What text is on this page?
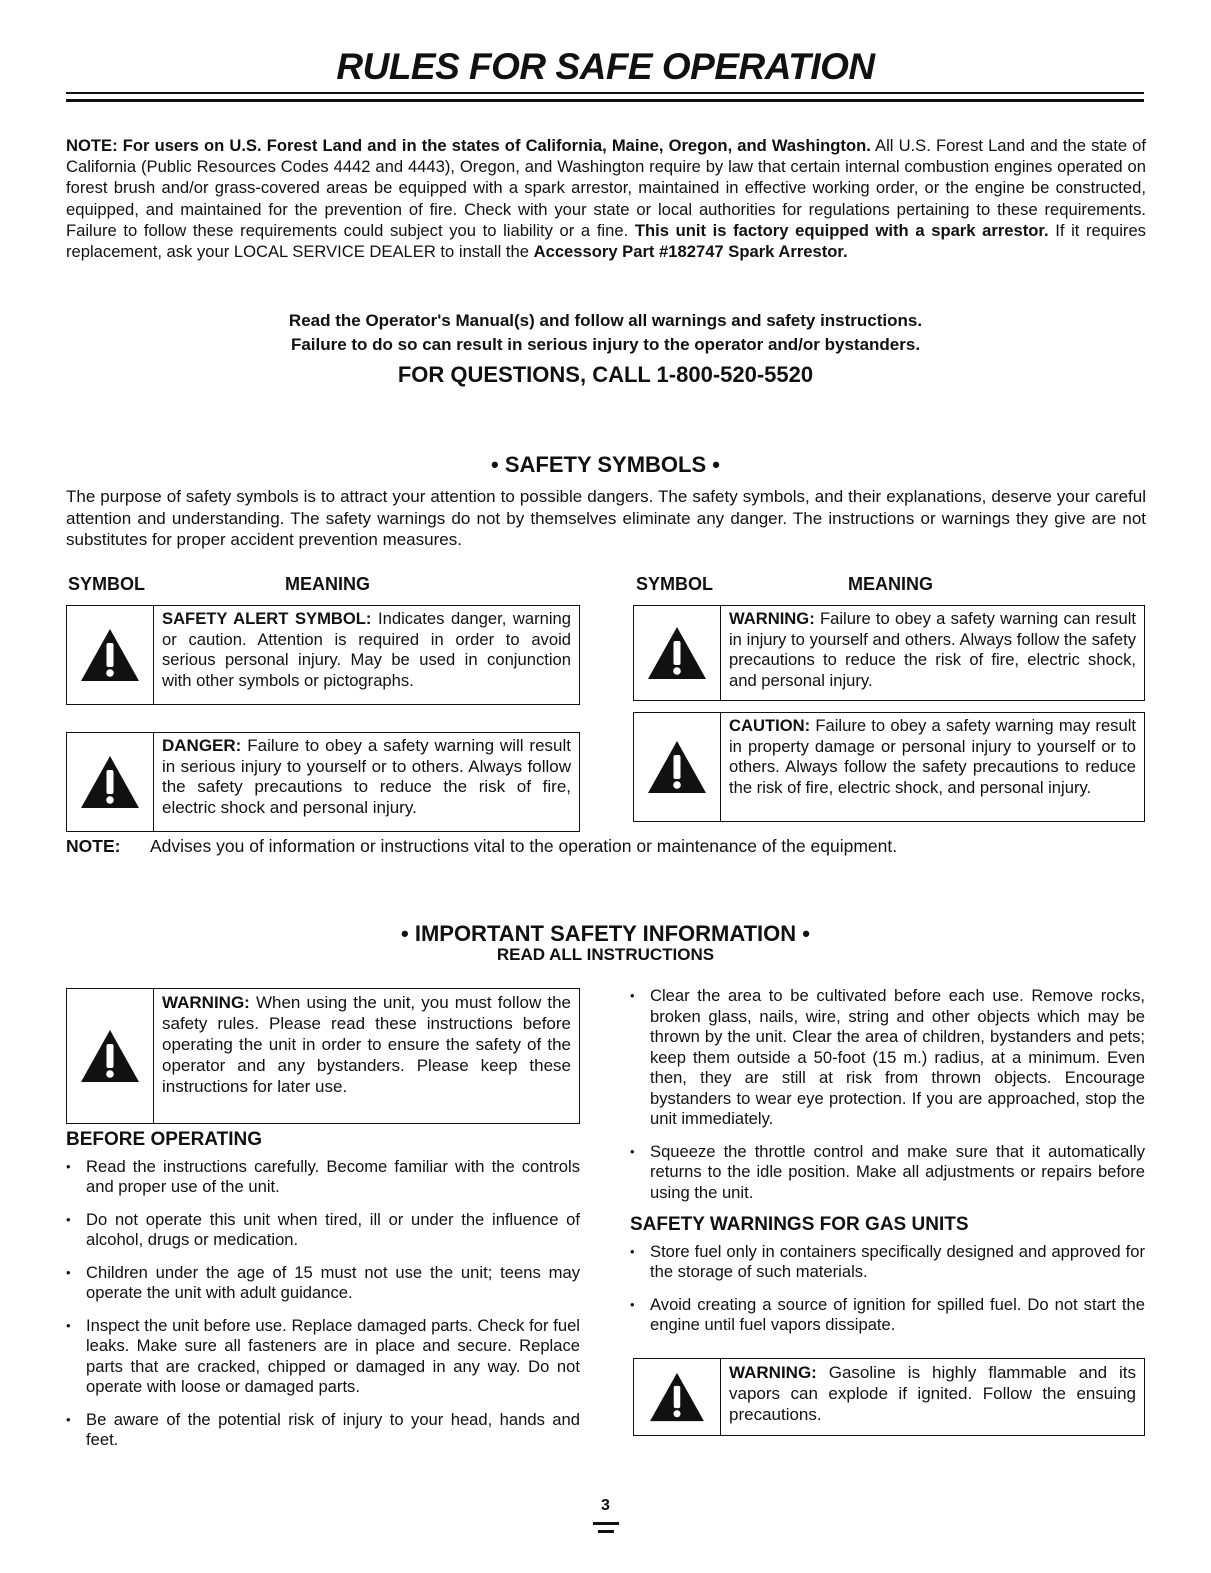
RULES FOR SAFE OPERATION
NOTE: For users on U.S. Forest Land and in the states of California, Maine, Oregon, and Washington. All U.S. Forest Land and the state of California (Public Resources Codes 4442 and 4443), Oregon, and Washington require by law that certain internal combustion engines operated on forest brush and/or grass-covered areas be equipped with a spark arrestor, maintained in effective working order, or the engine be constructed, equipped, and maintained for the prevention of fire. Check with your state or local authorities for regulations pertaining to these requirements. Failure to follow these requirements could subject you to liability or a fine. This unit is factory equipped with a spark arrestor. If it requires replacement, ask your LOCAL SERVICE DEALER to install the Accessory Part #182747 Spark Arrestor.
Read the Operator's Manual(s) and follow all warnings and safety instructions.
Failure to do so can result in serious injury to the operator and/or bystanders.
FOR QUESTIONS, CALL 1-800-520-5520
• SAFETY SYMBOLS •
The purpose of safety symbols is to attract your attention to possible dangers. The safety symbols, and their explanations, deserve your careful attention and understanding. The safety warnings do not by themselves eliminate any danger. The instructions or warnings they give are not substitutes for proper accident prevention measures.
SYMBOL	MEANING	SYMBOL	MEANING
SAFETY ALERT SYMBOL: Indicates danger, warning or caution. Attention is required in order to avoid serious personal injury. May be used in conjunction with other symbols or pictographs.
DANGER: Failure to obey a safety warning will result in serious injury to yourself or to others. Always follow the safety precautions to reduce the risk of fire, electric shock and personal injury.
WARNING: Failure to obey a safety warning can result in injury to yourself and others. Always follow the safety precautions to reduce the risk of fire, electric shock, and personal injury.
CAUTION: Failure to obey a safety warning may result in property damage or personal injury to yourself or to others. Always follow the safety precautions to reduce the risk of fire, electric shock, and personal injury.
NOTE: Advises you of information or instructions vital to the operation or maintenance of the equipment.
• IMPORTANT SAFETY INFORMATION •
READ ALL INSTRUCTIONS
WARNING: When using the unit, you must follow the safety rules. Please read these instructions before operating the unit in order to ensure the safety of the operator and any bystanders. Please keep these instructions for later use.
BEFORE OPERATING
• Read the instructions carefully. Become familiar with the controls and proper use of the unit.
• Do not operate this unit when tired, ill or under the influence of alcohol, drugs or medication.
• Children under the age of 15 must not use the unit; teens may operate the unit with adult guidance.
• Inspect the unit before use. Replace damaged parts. Check for fuel leaks. Make sure all fasteners are in place and secure. Replace parts that are cracked, chipped or damaged in any way. Do not operate with loose or damaged parts.
• Be aware of the potential risk of injury to your head, hands and feet.
• Clear the area to be cultivated before each use. Remove rocks, broken glass, nails, wire, string and other objects which may be thrown by the unit. Clear the area of children, bystanders and pets; keep them outside a 50-foot (15 m.) radius, at a minimum. Even then, they are still at risk from thrown objects. Encourage bystanders to wear eye protection. If you are approached, stop the unit immediately.
• Squeeze the throttle control and make sure that it automatically returns to the idle position. Make all adjustments or repairs before using the unit.
SAFETY WARNINGS FOR GAS UNITS
• Store fuel only in containers specifically designed and approved for the storage of such materials.
• Avoid creating a source of ignition for spilled fuel. Do not start the engine until fuel vapors dissipate.
WARNING: Gasoline is highly flammable and its vapors can explode if ignited. Follow the ensuing precautions.
3
